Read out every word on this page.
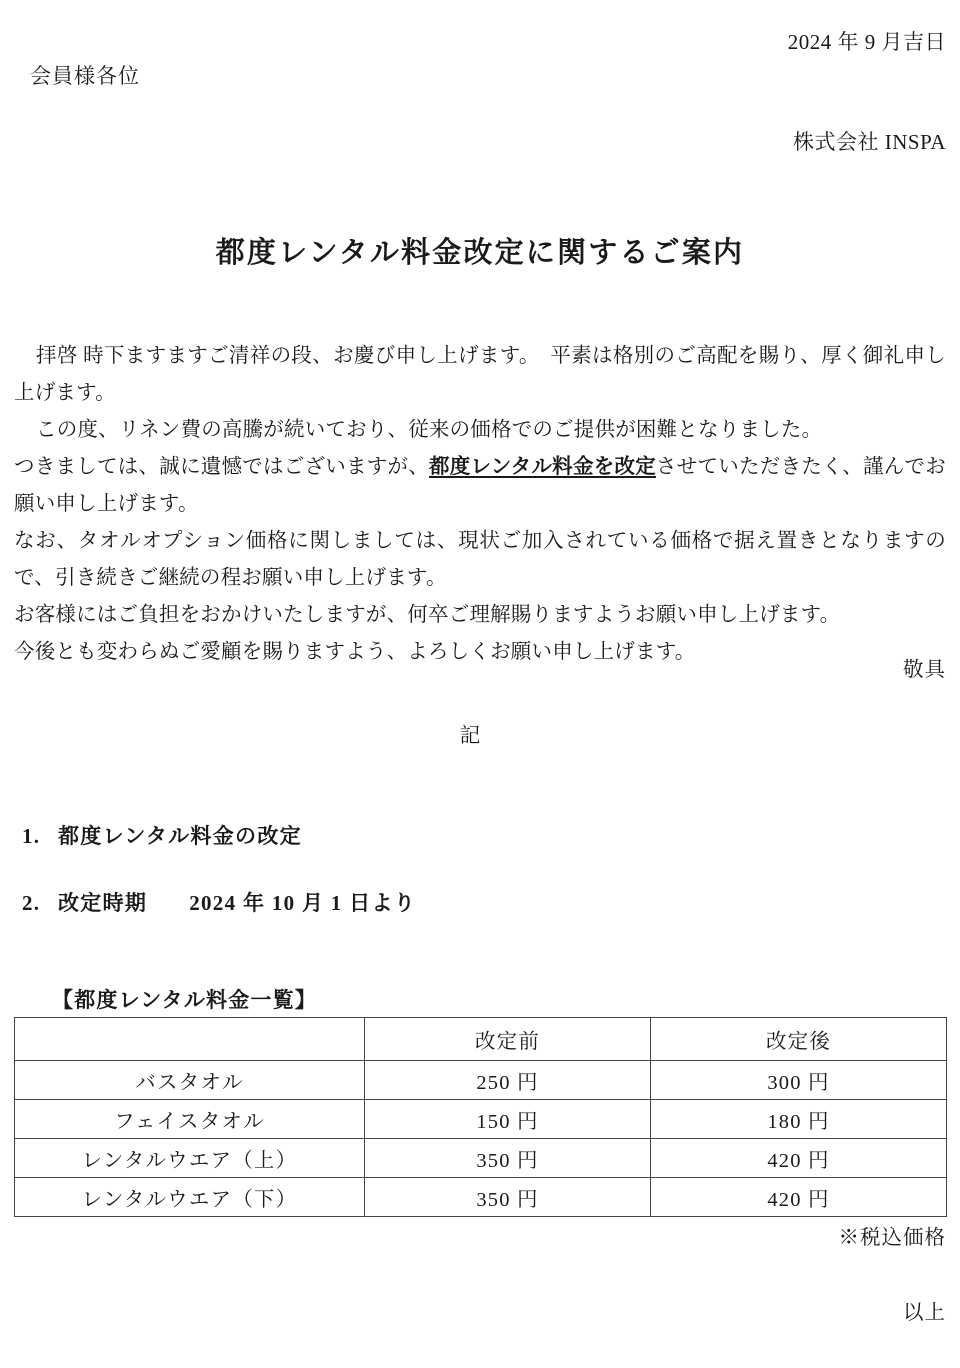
2024 年 9 月吉日
会員様各位
株式会社 INSPA
都度レンタル料金改定に関するご案内

拝啓 時下ますますご清祥の段、お慶び申し上げます。　平素は格別のご高配を賜り、厚く御礼申し上げます。

この度、リネン費の高騰が続いており、従来の価格でのご提供が困難となりました。

つきましては、誠に遺憾ではございますが、都度レンタル料金を改定させていただきたく、謹んでお願い申し上げます。

なお、タオルオプション価格に関しましては、現状ご加入されている価格で据え置きとなりますので、引き続きご継続の程お願い申し上げます。

お客様にはご負担をおかけいたしますが、何卒ご理解賜りますようお願い申し上げます。

今後とも変わらぬご愛顧を賜りますよう、よろしくお願い申し上げます。

敬具
記
1. 都度レンタル料金の改定
2. 改定時期 2024 年 10 月 1 日より
【都度レンタル料金一覧】
	改定前	改定後
バスタオル	250 円	300 円
フェイスタオル	150 円	180 円
レンタルウエア（上）	350 円	420 円
レンタルウエア（下）	350 円	420 円
※税込価格
以上
